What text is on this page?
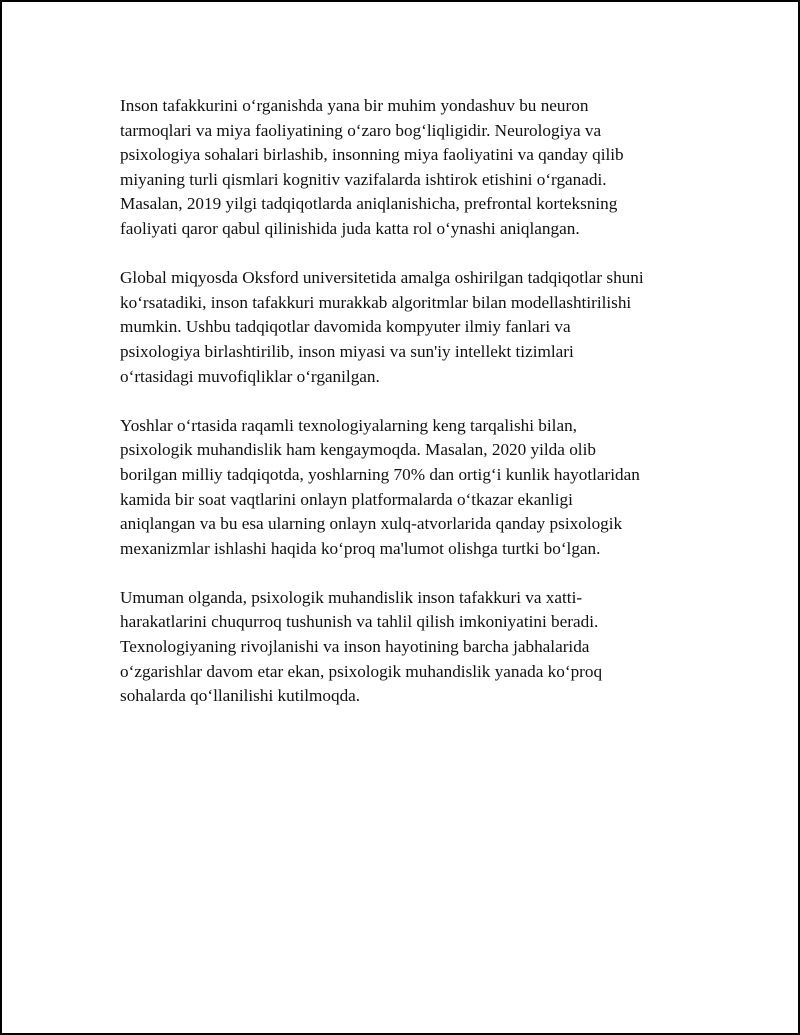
Inson tafakkurini o‘rganishda yana bir muhim yondashuv bu neuron
tarmoqlari va miya faoliyatining o‘zaro bog‘liqligidir. Neurologiya va
psixologiya sohalari birlashib, insonning miya faoliyatini va qanday qilib
miyaning turli qismlari kognitiv vazifalarda ishtirok etishini o‘rganadi.
Masalan, 2019 yilgi tadqiqotlarda aniqlanishicha, prefrontal korteksning
faoliyati qaror qabul qilinishida juda katta rol o‘ynashi aniqlangan.

Global miqyosda Oksford universitetida amalga oshirilgan tadqiqotlar shuni
ko‘rsatadiki, inson tafakkuri murakkab algoritmlar bilan modellashtirilishi
mumkin. Ushbu tadqiqotlar davomida kompyuter ilmiy fanlari va
psixologiya birlashtirilib, inson miyasi va sun'iy intellekt tizimlari
o‘rtasidagi muvofiqliklar o‘rganilgan.

Yoshlar o‘rtasida raqamli texnologiyalarning keng tarqalishi bilan,
psixologik muhandislik ham kengaymoqda. Masalan, 2020 yilda olib
borilgan milliy tadqiqotda, yoshlarning 70% dan ortig‘i kunlik hayotlaridan
kamida bir soat vaqtlarini onlayn platformalarda o‘tkazar ekanligi
aniqlangan va bu esa ularning onlayn xulq-atvorlarida qanday psixologik
mexanizmlar ishlashi haqida ko‘proq ma'lumot olishga turtki bo‘lgan.

Umuman olganda, psixologik muhandislik inson tafakkuri va xatti-
harakatlarini chuqurroq tushunish va tahlil qilish imkoniyatini beradi.
Texnologiyaning rivojlanishi va inson hayotining barcha jabhalarida
o‘zgarishlar davom etar ekan, psixologik muhandislik yanada ko‘proq
sohalarda qo‘llanilishi kutilmoqda.
